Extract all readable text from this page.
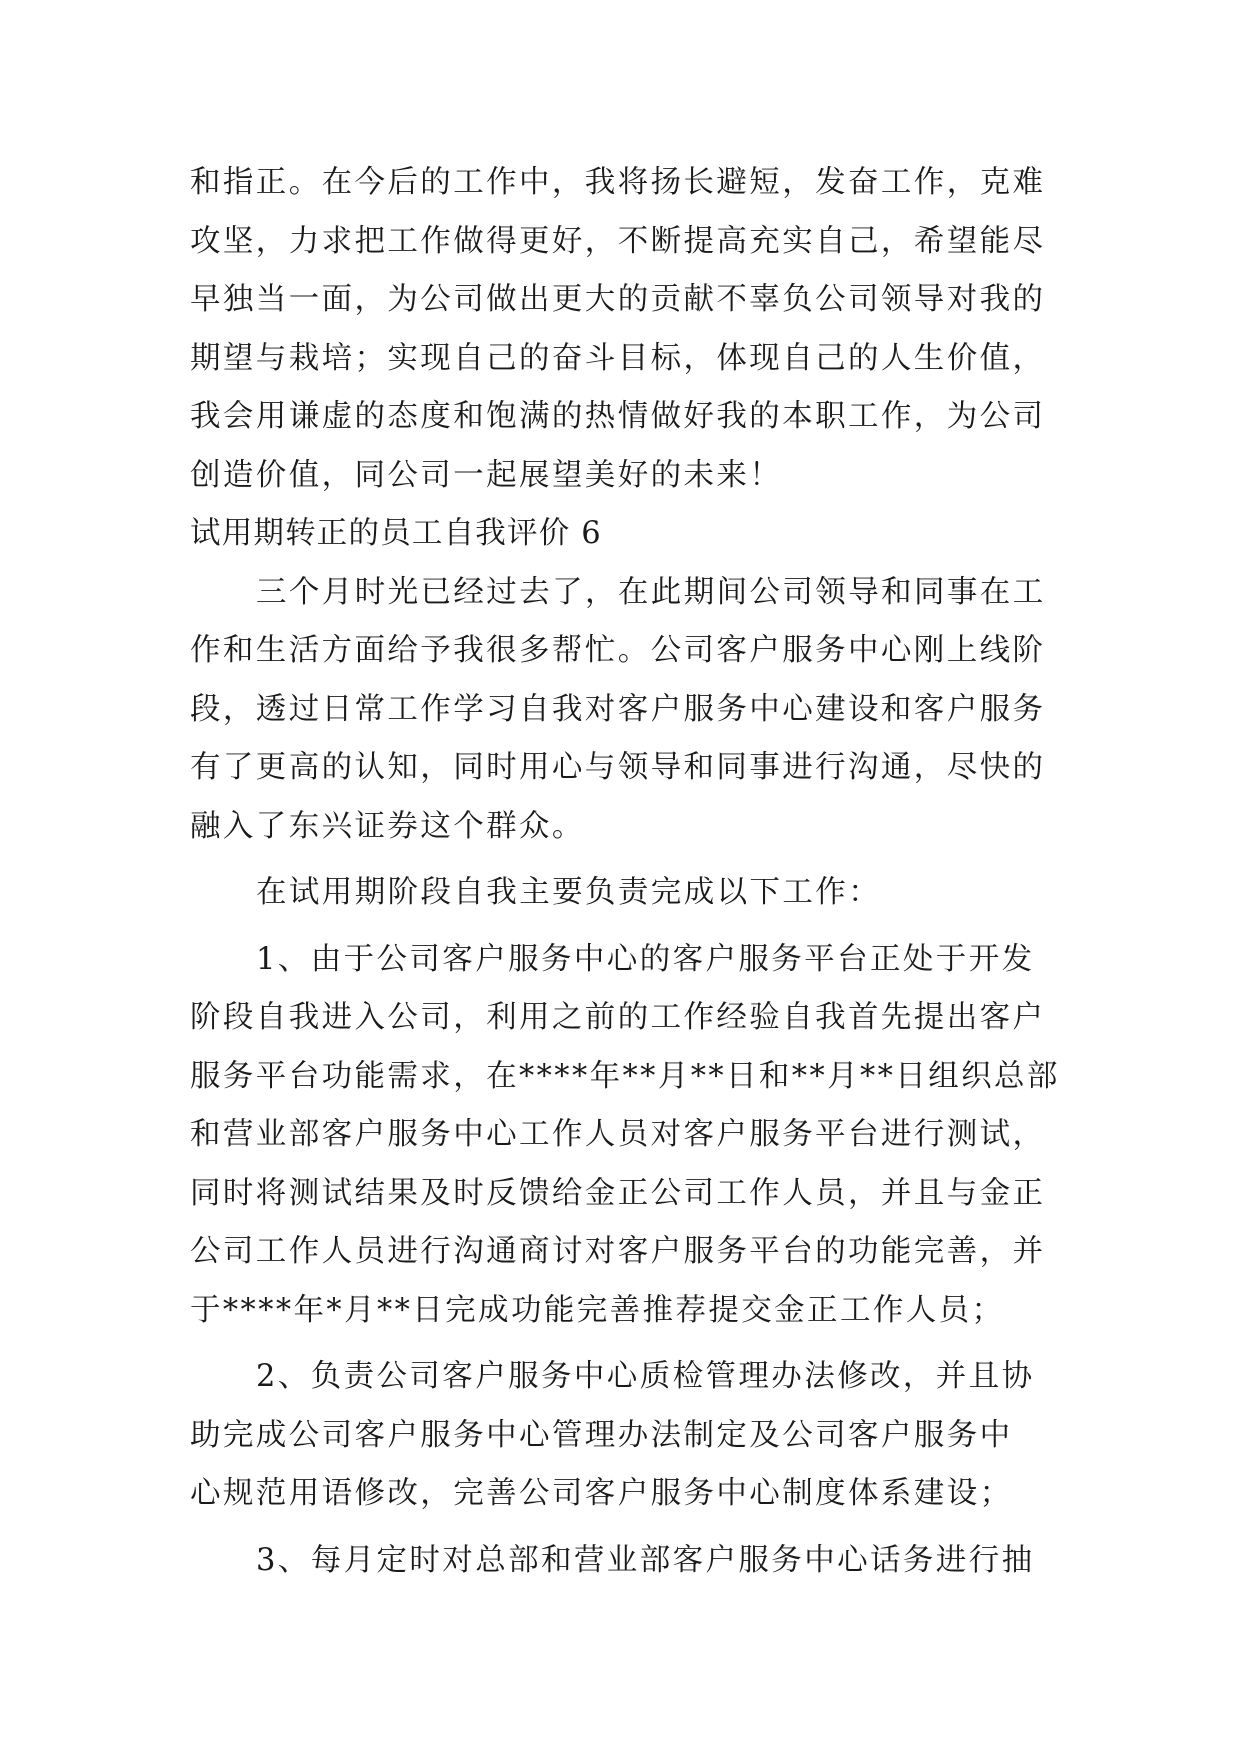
和指正。在今后的工作中，我将扬长避短，发奋工作，克难
攻坚，力求把工作做得更好，不断提高充实自己，希望能尽
早独当一面，为公司做出更大的贡献不辜负公司领导对我的
期望与栽培；实现自己的奋斗目标，体现自己的人生价值，
我会用谦虚的态度和饱满的热情做好我的本职工作，为公司
创造价值，同公司一起展望美好的未来！

试用期转正的员工自我评价 6

三个月时光已经过去了，在此期间公司领导和同事在工
作和生活方面给予我很多帮忙。公司客户服务中心刚上线阶
段，透过日常工作学习自我对客户服务中心建设和客户服务
有了更高的认知，同时用心与领导和同事进行沟通，尽快的
融入了东兴证券这个群众。

在试用期阶段自我主要负责完成以下工作：

1、由于公司客户服务中心的客户服务平台正处于开发
阶段自我进入公司，利用之前的工作经验自我首先提出客户
服务平台功能需求，在****年**月**日和**月**日组织总部
和营业部客户服务中心工作人员对客户服务平台进行测试，
同时将测试结果及时反馈给金正公司工作人员，并且与金正
公司工作人员进行沟通商讨对客户服务平台的功能完善，并
于****年*月**日完成功能完善推荐提交金正工作人员；

2、负责公司客户服务中心质检管理办法修改，并且协
助完成公司客户服务中心管理办法制定及公司客户服务中
心规范用语修改，完善公司客户服务中心制度体系建设；

3、每月定时对总部和营业部客户服务中心话务进行抽
